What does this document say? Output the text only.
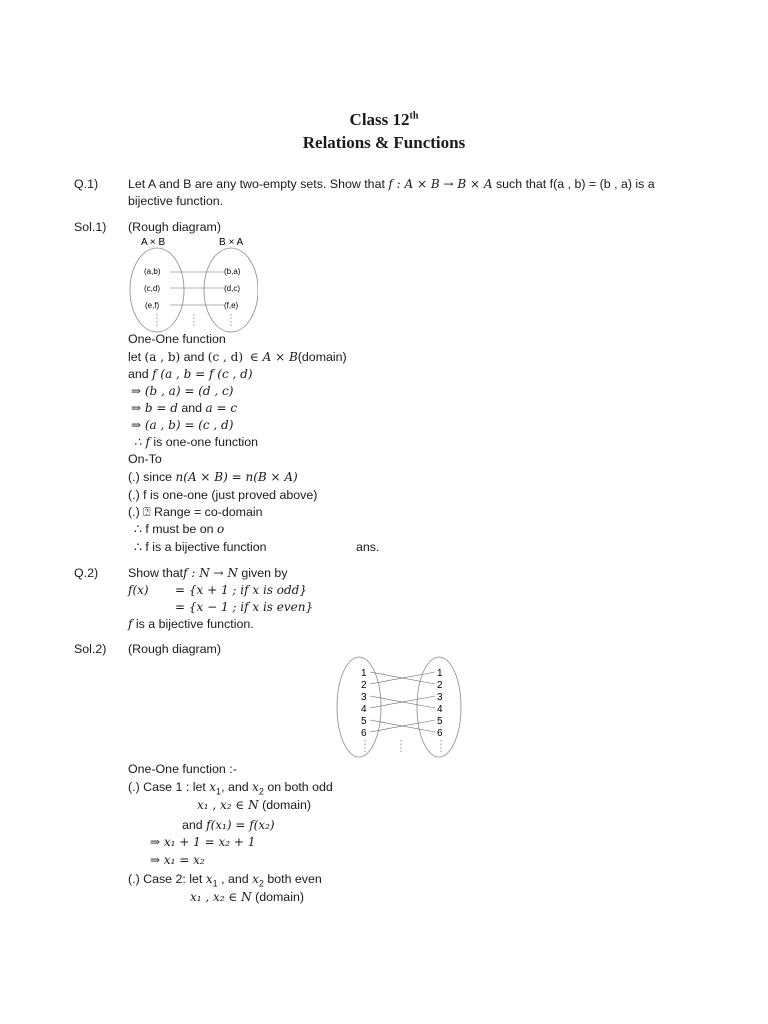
Class 12th
Relations & Functions
Q.1) Let A and B are any two-empty sets. Show that f : A × B → B × A such that f(a , b) = (b , a) is a
bijective function.
Sol.1) (Rough diagram)
A × B	B × A
(a,b)
(c,d)
(e,f)
(b,a)
(d,c)
(f,e)
One-One function
let (a , b) and (c , d) ∈ A × B(domain)
and f (a , b = f (c , d)
⇒ (b , a) = (d , c)
⇒ b = d and a = c
⇒ (a , b) = (c , d)
∴ f is one-one function
On-To
(.) since n(A × B) = n(B × A)
(.) f is one-one (just proved above)
(.) ⍰ Range = co-domain
∴ f must be on o
∴ f is a bijective function	ans.
Q.2) Show thatf : N → N given by
f(x) = {x + 1 ; if x is odd}
= {x − 1 ; if x is even}
f is a bijective function.
Sol.2) (Rough diagram)
1
2
3
4
5
6
1
2
3
4
5
6
One-One function :-
(.) Case 1 : let $x_1$, and $x_2$ on both odd
x₁ , x₂ ∈ N (domain)
and f(x₁) = f(x₂)
⇒ x₁ + 1 = x₂ + 1
⇒ x₁ = x₂
(.) Case 2: let $x_1$ , and $x_2$ both even
x₁ , x₂ ∈ N (domain)
